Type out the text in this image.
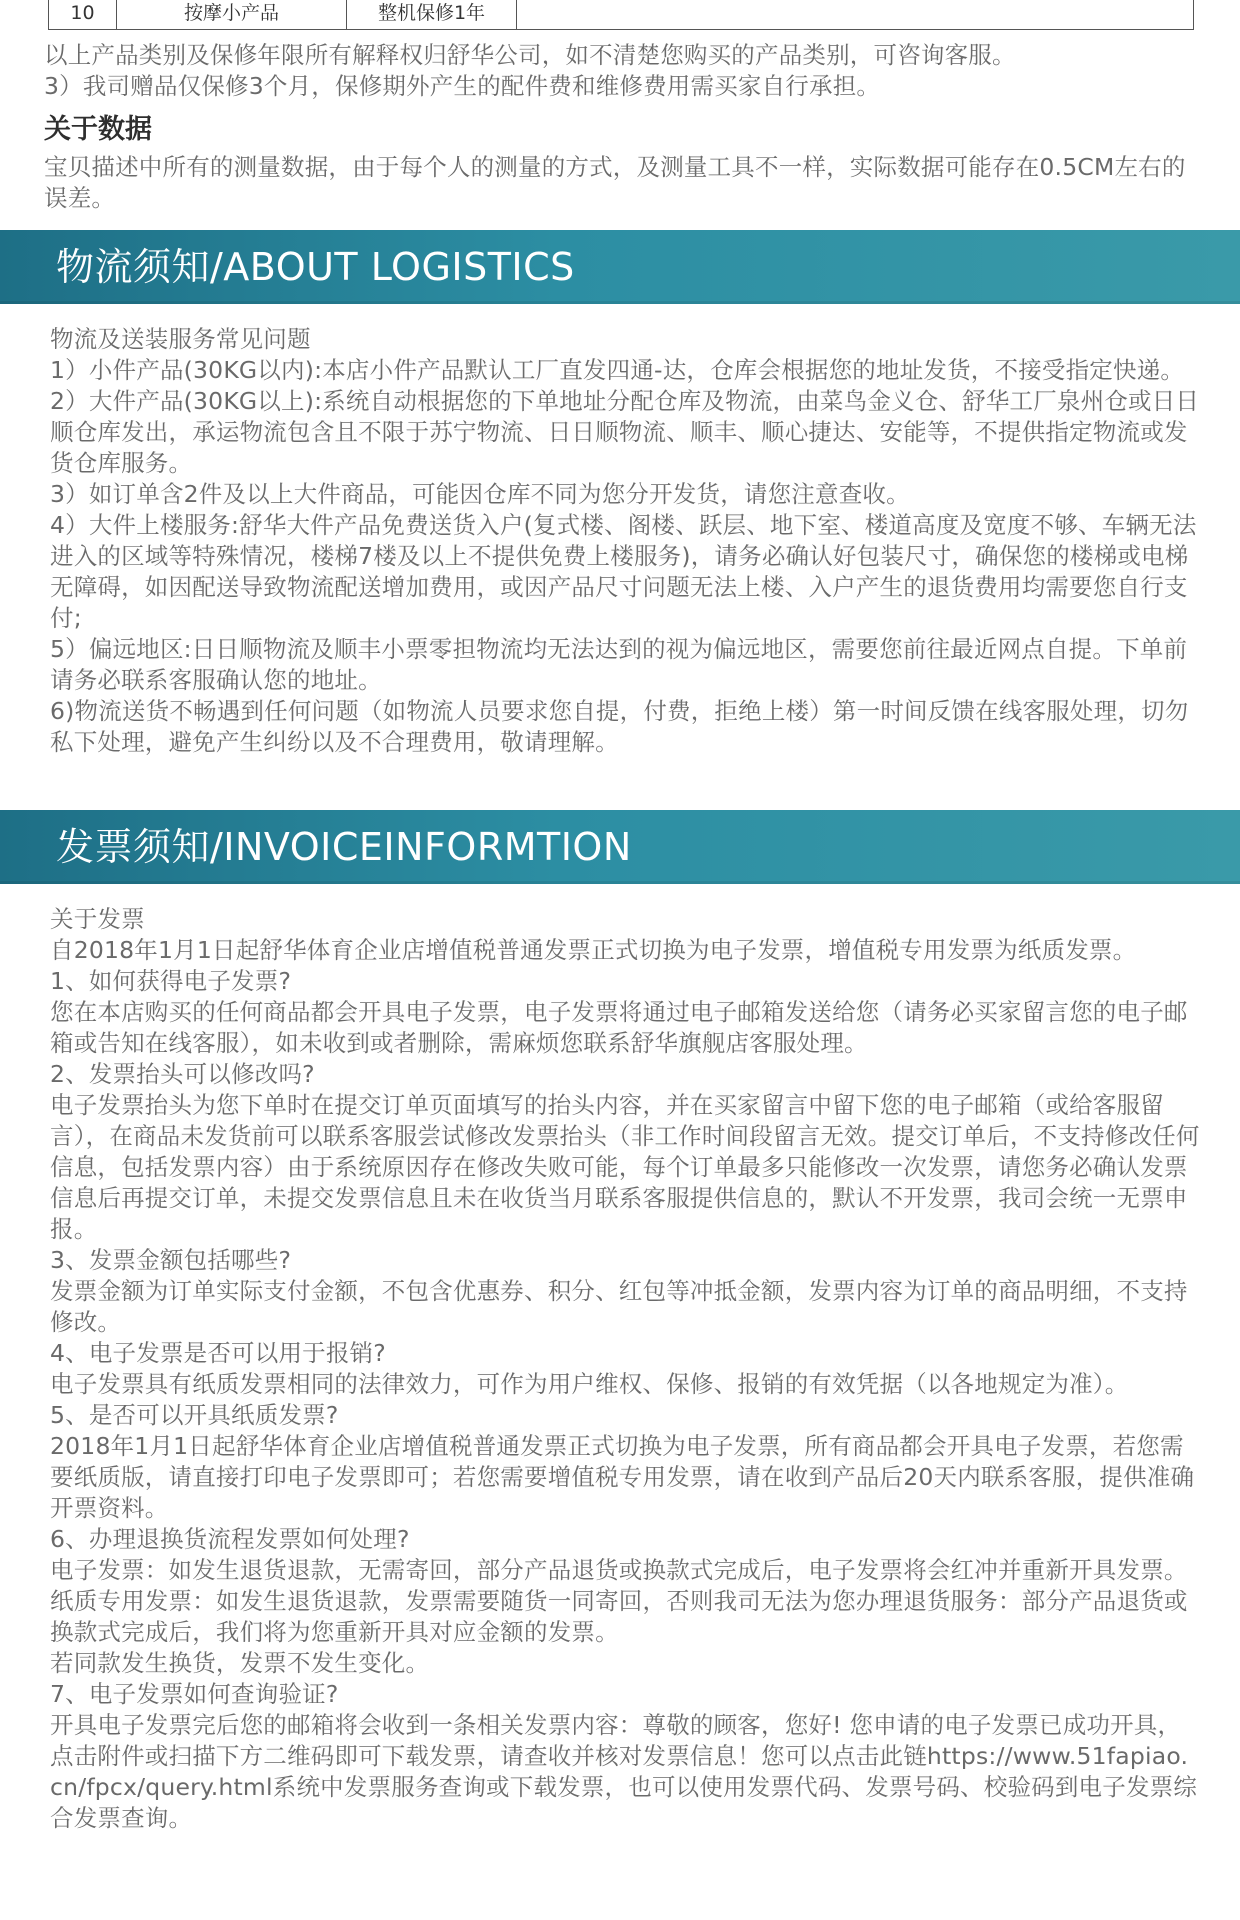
10	按摩小产品	整机保修1年

以上产品类别及保修年限所有解释权归舒华公司，如不清楚您购买的产品类别，可咨询客服。

3）我司赠品仅保修3个月，保修期外产生的配件费和维修费用需买家自行承担。

关于数据

宝贝描述中所有的测量数据，由于每个人的测量的方式，及测量工具不一样，实际数据可能存在0.5CM左右的误差。

物流须知/ABOUT LOGISTICS

物流及送装服务常见问题

1）小件产品(30KG以内):本店小件产品默认工厂直发四通-达，仓库会根据您的地址发货，不接受指定快递。

2）大件产品(30KG以上):系统自动根据您的下单地址分配仓库及物流，由菜鸟金义仓、舒华工厂泉州仓或日日顺仓库发出，承运物流包含且不限于苏宁物流、日日顺物流、顺丰、顺心捷达、安能等，不提供指定物流或发货仓库服务。

3）如订单含2件及以上大件商品，可能因仓库不同为您分开发货，请您注意查收。

4）大件上楼服务:舒华大件产品免费送货入户(复式楼、阁楼、跃层、地下室、楼道高度及宽度不够、车辆无法进入的区域等特殊情况，楼梯7楼及以上不提供免费上楼服务)，请务必确认好包装尺寸，确保您的楼梯或电梯无障碍，如因配送导致物流配送增加费用，或因产品尺寸问题无法上楼、入户产生的退货费用均需要您自行支付;

5）偏远地区:日日顺物流及顺丰小票零担物流均无法达到的视为偏远地区，需要您前往最近网点自提。下单前请务必联系客服确认您的地址。

6)物流送货不畅遇到任何问题（如物流人员要求您自提，付费，拒绝上楼）第一时间反馈在线客服处理，切勿私下处理，避免产生纠纷以及不合理费用，敬请理解。

发票须知/INVOICEINFORMTION

关于发票

自2018年1月1日起舒华体育企业店增值税普通发票正式切换为电子发票，增值税专用发票为纸质发票。

1、如何获得电子发票?

您在本店购买的任何商品都会开具电子发票，电子发票将通过电子邮箱发送给您（请务必买家留言您的电子邮箱或告知在线客服），如未收到或者删除，需麻烦您联系舒华旗舰店客服处理。

2、发票抬头可以修改吗?

电子发票抬头为您下单时在提交订单页面填写的抬头内容，并在买家留言中留下您的电子邮箱（或给客服留言），在商品未发货前可以联系客服尝试修改发票抬头（非工作时间段留言无效。提交订单后，不支持修改任何信息，包括发票内容）由于系统原因存在修改失败可能，每个订单最多只能修改一次发票，请您务必确认发票信息后再提交订单，未提交发票信息且未在收货当月联系客服提供信息的，默认不开发票，我司会统一无票申报。

3、发票金额包括哪些?

发票金额为订单实际支付金额，不包含优惠券、积分、红包等冲抵金额，发票内容为订单的商品明细，不支持修改。

4、电子发票是否可以用于报销?

电子发票具有纸质发票相同的法律效力，可作为用户维权、保修、报销的有效凭据（以各地规定为准）。

5、是否可以开具纸质发票?

2018年1月1日起舒华体育企业店增值税普通发票正式切换为电子发票，所有商品都会开具电子发票，若您需要纸质版，请直接打印电子发票即可；若您需要增值税专用发票，请在收到产品后20天内联系客服，提供准确开票资料。

6、办理退换货流程发票如何处理?

电子发票：如发生退货退款，无需寄回，部分产品退货或换款式完成后，电子发票将会红冲并重新开具发票。

纸质专用发票：如发生退货退款，发票需要随货一同寄回，否则我司无法为您办理退货服务：部分产品退货或换款式完成后，我们将为您重新开具对应金额的发票。

若同款发生换货，发票不发生变化。

7、电子发票如何查询验证?

开具电子发票完后您的邮箱将会收到一条相关发票内容：尊敬的顾客，您好! 您申请的电子发票已成功开具，点击附件或扫描下方二维码即可下载发票，请查收并核对发票信息！您可以点击此链https://www.51fapiao.cn/fpcx/query.html系统中发票服务查询或下载发票，也可以使用发票代码、发票号码、校验码到电子发票综合发票查询。
